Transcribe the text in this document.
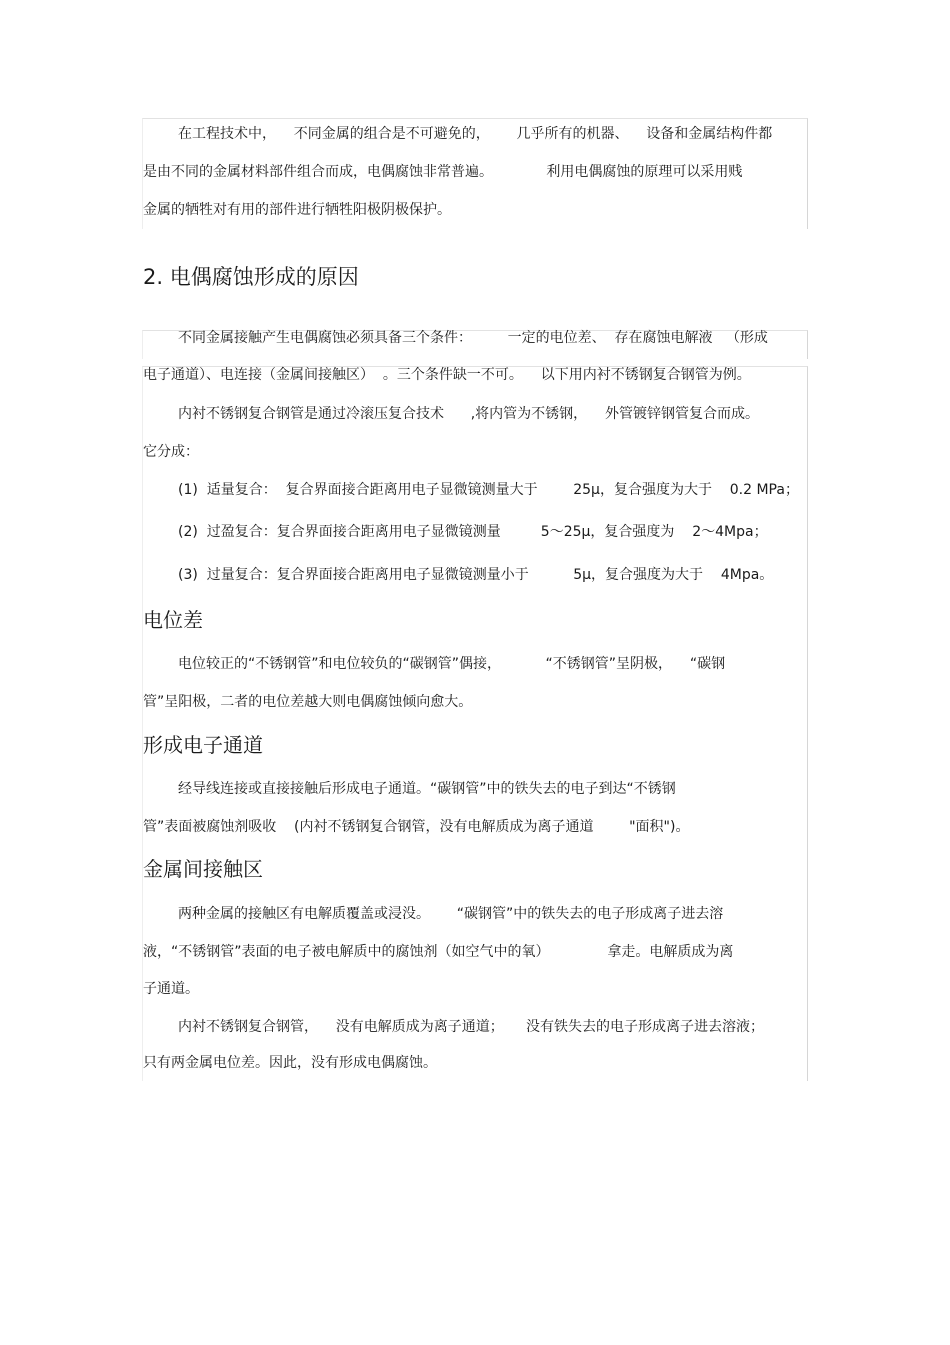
在工程技术中，    不同金属的组合是不可避免的，      几乎所有的机器、    设备和金属结构件都
是由不同的金属材料部件组合而成，电偶腐蚀非常普遍。            利用电偶腐蚀的原理可以采用贱
金属的牺牲对有用的部件进行牺牲阳极阴极保护。
2. 电偶腐蚀形成的原因
不同金属接触产生电偶腐蚀必须具备三个条件：        一定的电位差、  存在腐蚀电解液   （形成
电子通道）、电连接（金属间接触区）  。三个条件缺一不可。    以下用内衬不锈钢复合钢管为例。
内衬不锈钢复合钢管是通过冷滚压复合技术      ,将内管为不锈钢，    外管镀锌钢管复合而成。
它分成：
(1)  适量复合：  复合界面接合距离用电子显微镜测量大于        25μ，复合强度为大于    0.2 MPa；
(2)  过盈复合：复合界面接合距离用电子显微镜测量         5～25μ，复合强度为    2～4Mpa；
(3)  过量复合：复合界面接合距离用电子显微镜测量小于          5μ，复合强度为大于    4Mpa。
电位差
电位较正的“不锈钢管”和电位较负的“碳钢管”偶接，          “不锈钢管”呈阴极，    “碳钢
管”呈阳极，二者的电位差越大则电偶腐蚀倾向愈大。
形成电子通道
经导线连接或直接接触后形成电子通道。“碳钢管”中的铁失去的电子到达“不锈钢
管”表面被腐蚀剂吸收    (内衬不锈钢复合钢管，没有电解质成为离子通道        "面积")。
金属间接触区
两种金属的接触区有电解质覆盖或浸没。      “碳钢管”中的铁失去的电子形成离子进去溶
液，“不锈钢管”表面的电子被电解质中的腐蚀剂（如空气中的氧）             拿走。电解质成为离
子通道。
内衬不锈钢复合钢管，    没有电解质成为离子通道；     没有铁失去的电子形成离子进去溶液；
只有两金属电位差。因此，没有形成电偶腐蚀。
